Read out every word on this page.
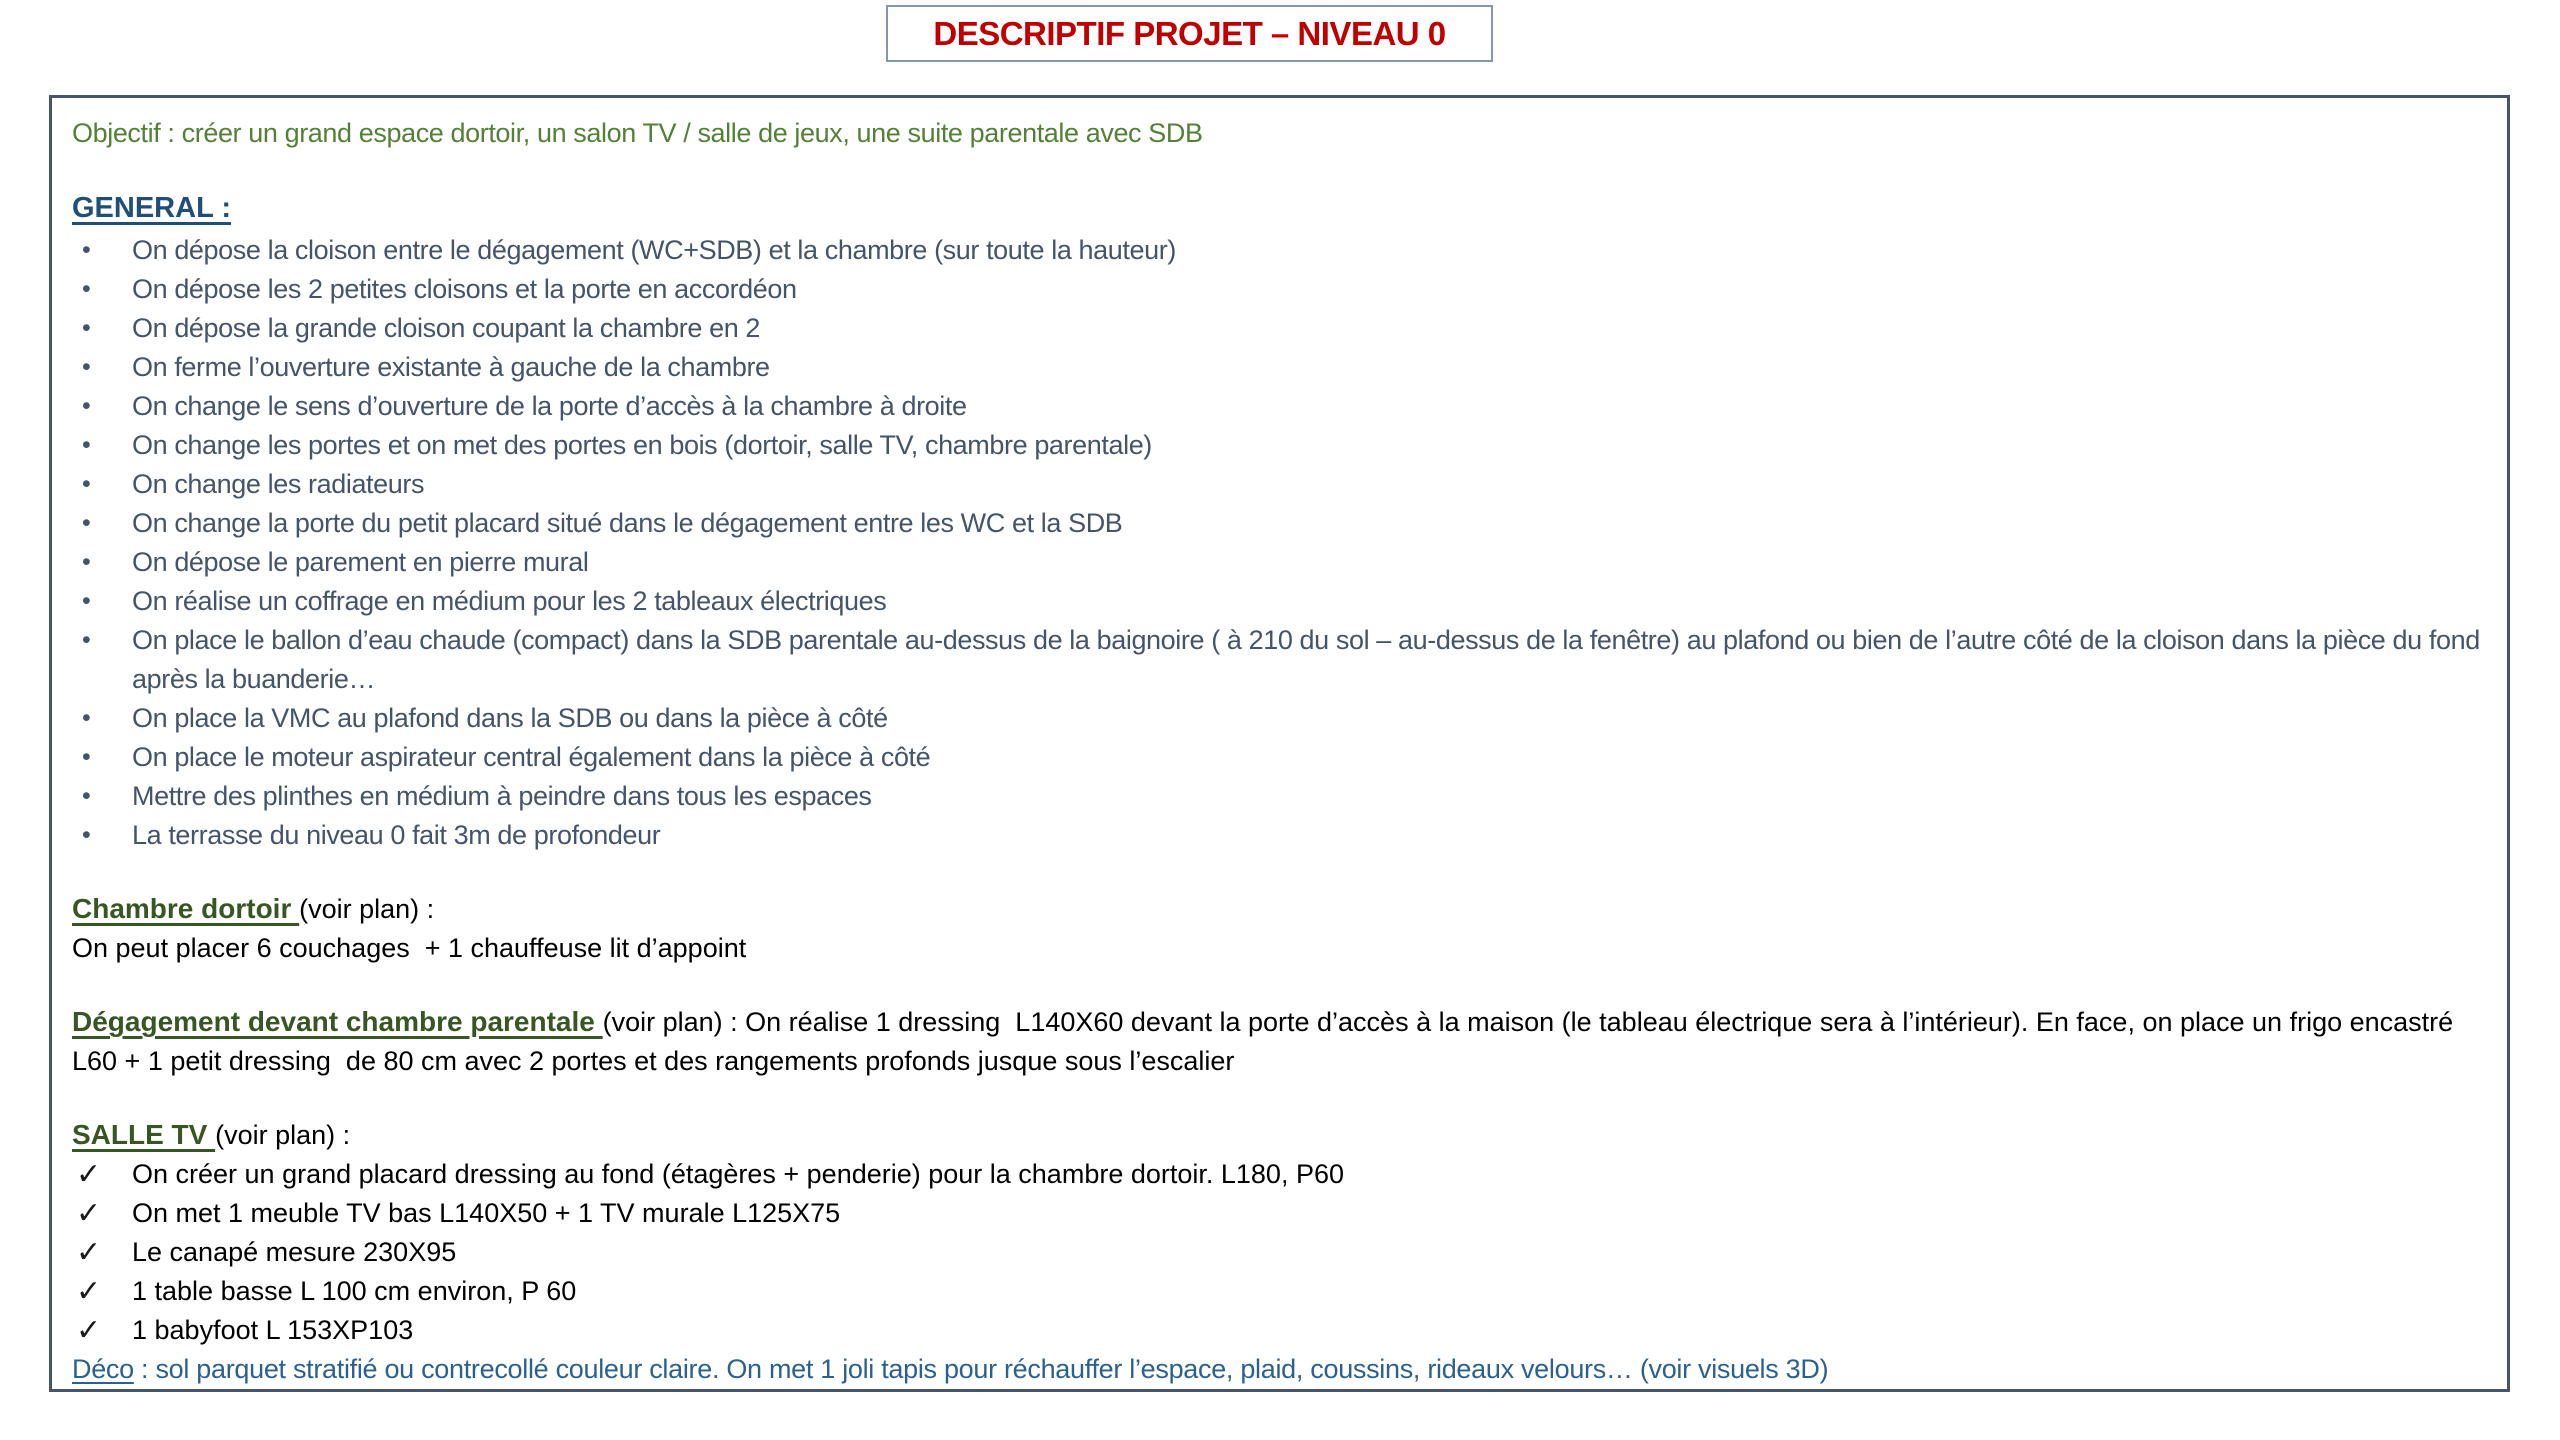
DESCRIPTIF PROJET – NIVEAU 0

Objectif : créer un grand espace dortoir, un salon TV / salle de jeux, une suite parentale avec SDB

GENERAL :

• On dépose la cloison entre le dégagement (WC+SDB) et la chambre (sur toute la hauteur)
• On dépose les 2 petites cloisons et la porte en accordéon
• On dépose la grande cloison coupant la chambre en 2
• On ferme l’ouverture existante à gauche de la chambre
• On change le sens d’ouverture de la porte d’accès à la chambre à droite
• On change les portes et on met des portes en bois (dortoir, salle TV, chambre parentale)
• On change les radiateurs
• On change la porte du petit placard situé dans le dégagement entre les WC et la SDB
• On dépose le parement en pierre mural
• On réalise un coffrage en médium pour les 2 tableaux électriques
• On place le ballon d’eau chaude (compact) dans la SDB parentale au-dessus de la baignoire ( à 210 du sol – au-dessus de la fenêtre) au plafond ou bien de l’autre côté de la cloison dans la pièce du fond après la buanderie…
• On place la VMC au plafond dans la SDB ou dans la pièce à côté
• On place le moteur aspirateur central également dans la pièce à côté
• Mettre des plinthes en médium à peindre dans tous les espaces
• La terrasse du niveau 0 fait 3m de profondeur

Chambre dortoir (voir plan) :

On peut placer 6 couchages  + 1 chauffeuse lit d’appoint

Dégagement devant chambre parentale (voir plan) : On réalise 1 dressing  L140X60 devant la porte d’accès à la maison (le tableau électrique sera à l’intérieur). En face, on place un frigo encastré L60 + 1 petit dressing  de 80 cm avec 2 portes et des rangements profonds jusque sous l’escalier

SALLE TV (voir plan) :

✓ On créer un grand placard dressing au fond (étagères + penderie) pour la chambre dortoir. L180, P60
✓ On met 1 meuble TV bas L140X50 + 1 TV murale L125X75
✓ Le canapé mesure 230X95
✓ 1 table basse L 100 cm environ, P 60
✓ 1 babyfoot L 153XP103

Déco : sol parquet stratifié ou contrecollé couleur claire. On met 1 joli tapis pour réchauffer l’espace, plaid, coussins, rideaux velours… (voir visuels 3D)
